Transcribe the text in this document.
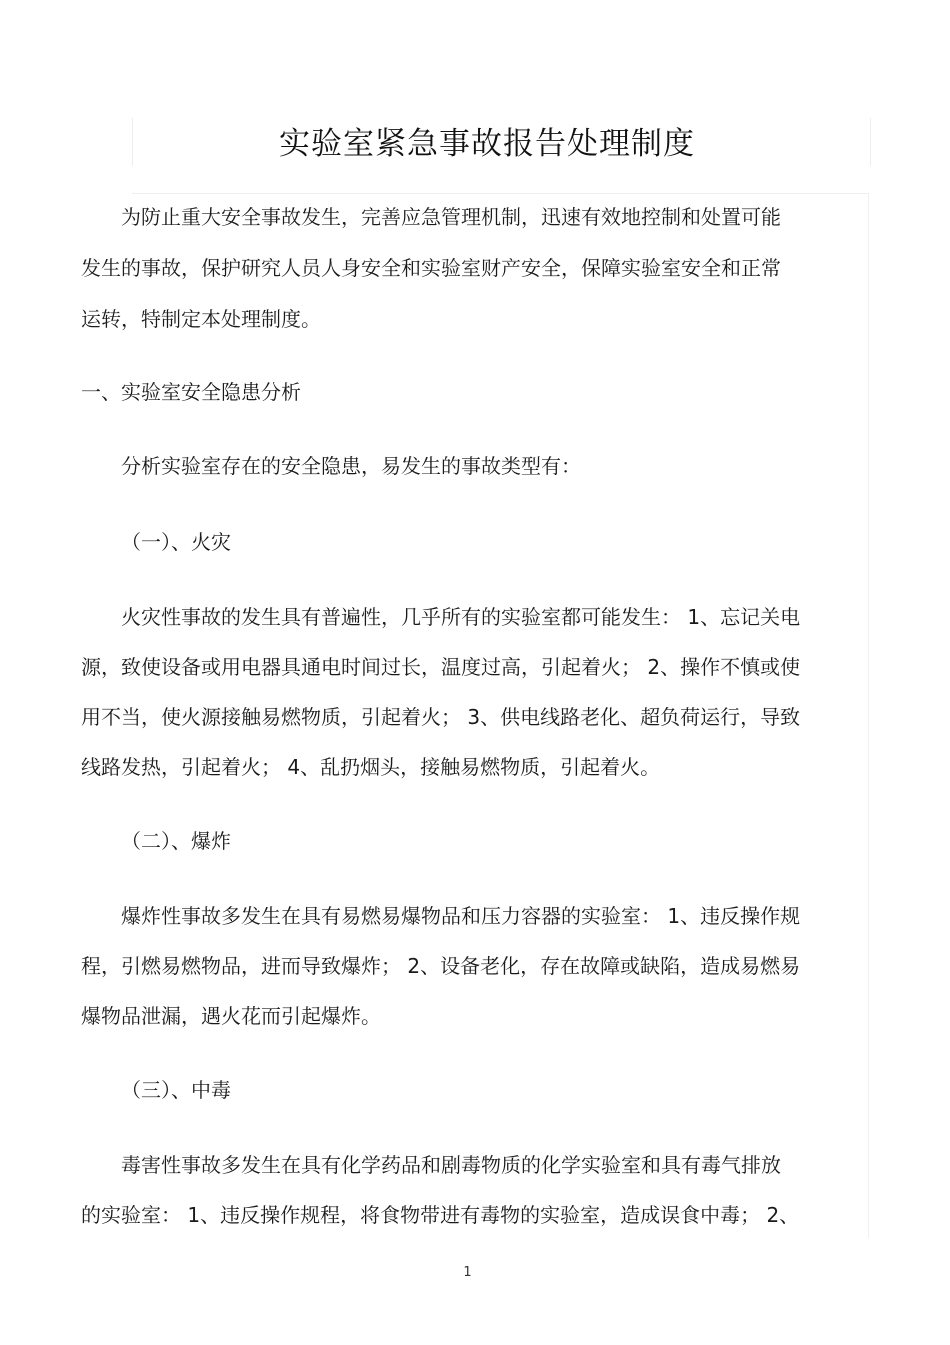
实验室紧急事故报告处理制度
为防止重大安全事故发生，完善应急管理机制，迅速有效地控制和处置可能
发生的事故，保护研究人员人身安全和实验室财产安全，保障实验室安全和正常
运转，特制定本处理制度。
一、实验室安全隐患分析
分析实验室存在的安全隐患，易发生的事故类型有：
（一）、火灾
火灾性事故的发生具有普遍性，几乎所有的实验室都可能发生： 1、忘记关电
源，致使设备或用电器具通电时间过长，温度过高，引起着火； 2、操作不慎或使
用不当，使火源接触易燃物质，引起着火； 3、供电线路老化、超负荷运行，导致
线路发热，引起着火； 4、乱扔烟头，接触易燃物质，引起着火。
（二）、爆炸
爆炸性事故多发生在具有易燃易爆物品和压力容器的实验室： 1、违反操作规
程，引燃易燃物品，进而导致爆炸； 2、设备老化，存在故障或缺陷，造成易燃易
爆物品泄漏，遇火花而引起爆炸。
（三）、中毒
毒害性事故多发生在具有化学药品和剧毒物质的化学实验室和具有毒气排放
的实验室： 1、违反操作规程，将食物带进有毒物的实验室，造成误食中毒； 2、
1
